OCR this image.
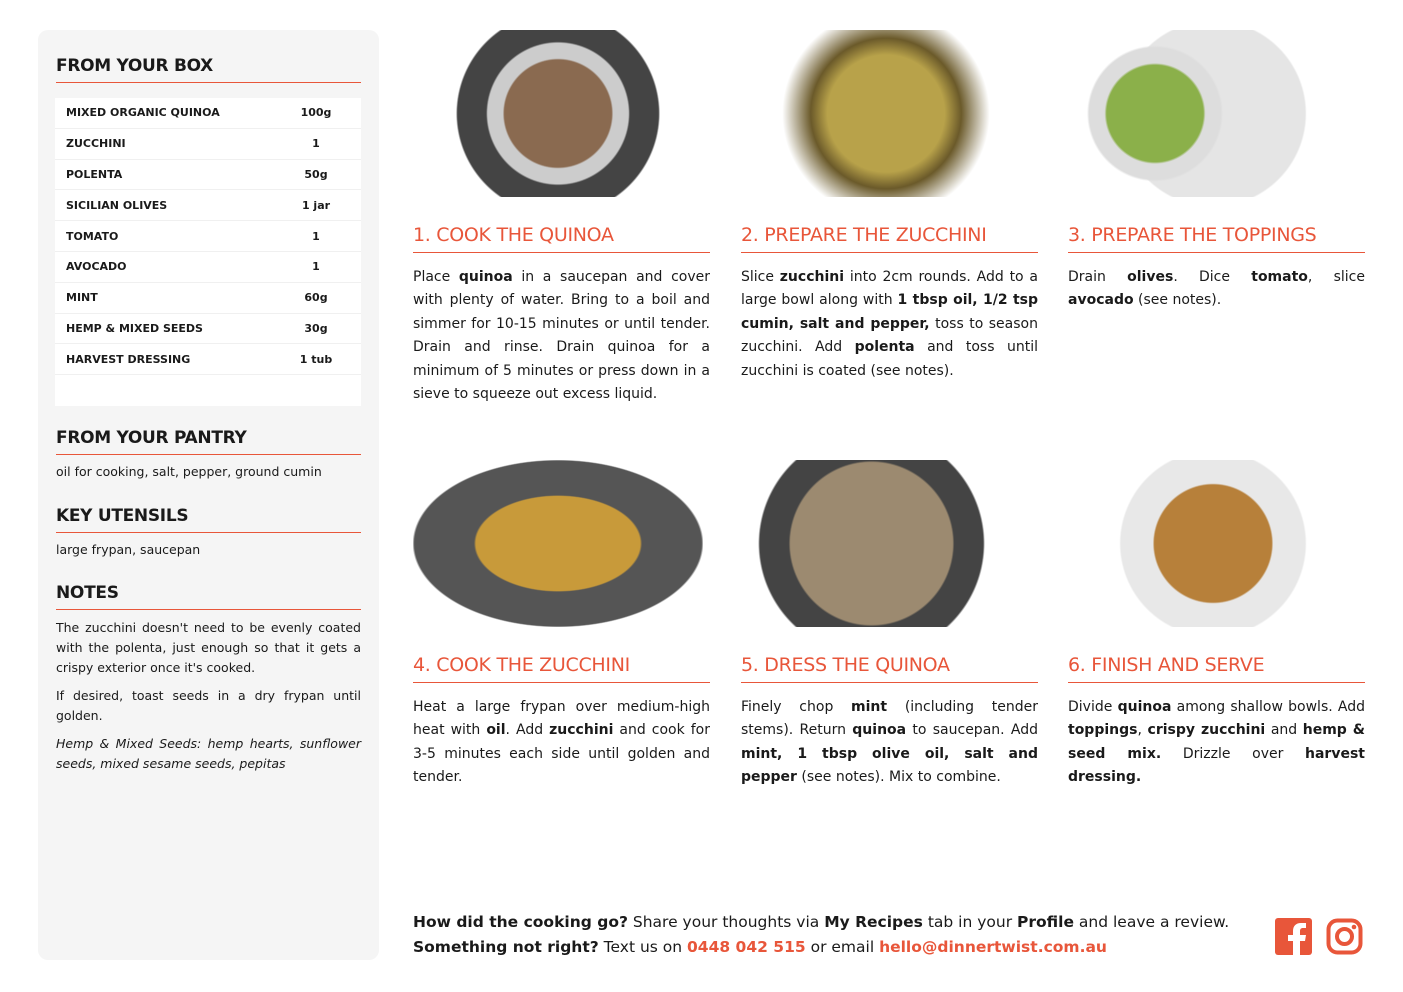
FROM YOUR BOX
MIXED ORGANIC QUINOA	100g
ZUCCHINI	1
POLENTA	50g
SICILIAN OLIVES	1 jar
TOMATO	1
AVOCADO	1
MINT	60g
HEMP & MIXED SEEDS	30g
HARVEST DRESSING	1 tub
FROM YOUR PANTRY
oil for cooking, salt, pepper, ground cumin
KEY UTENSILS
large frypan, saucepan
NOTES

The zucchini doesn't need to be evenly coated with the polenta, just enough so that it gets a crispy exterior once it's cooked.

If desired, toast seeds in a dry frypan until golden.

Hemp & Mixed Seeds: hemp hearts, sunflower seeds, mixed sesame seeds, pepitas

1. COOK THE QUINOA
Place quinoa in a saucepan and cover with plenty of water. Bring to a boil and simmer for 10-15 minutes or until tender. Drain and rinse. Drain quinoa for a minimum of 5 minutes or press down in a sieve to squeeze out excess liquid.
2. PREPARE THE ZUCCHINI
Slice zucchini into 2cm rounds. Add to a large bowl along with 1 tbsp oil, 1/2 tsp cumin, salt and pepper, toss to season zucchini. Add polenta and toss until zucchini is coated (see notes).
3. PREPARE THE TOPPINGS
Drain olives. Dice tomato, slice avocado (see notes).
4. COOK THE ZUCCHINI
Heat a large frypan over medium-high heat with oil. Add zucchini and cook for 3-5 minutes each side until golden and tender.
5. DRESS THE QUINOA
Finely chop mint (including tender stems). Return quinoa to saucepan. Add mint, 1 tbsp olive oil, salt and pepper (see notes). Mix to combine.
6. FINISH AND SERVE
Divide quinoa among shallow bowls. Add toppings, crispy zucchini and hemp & seed mix. Drizzle over harvest dressing.
How did the cooking go? Share your thoughts via My Recipes tab in your Profile and leave a review.
Something not right? Text us on 0448 042 515 or email hello@dinnertwist.com.au
